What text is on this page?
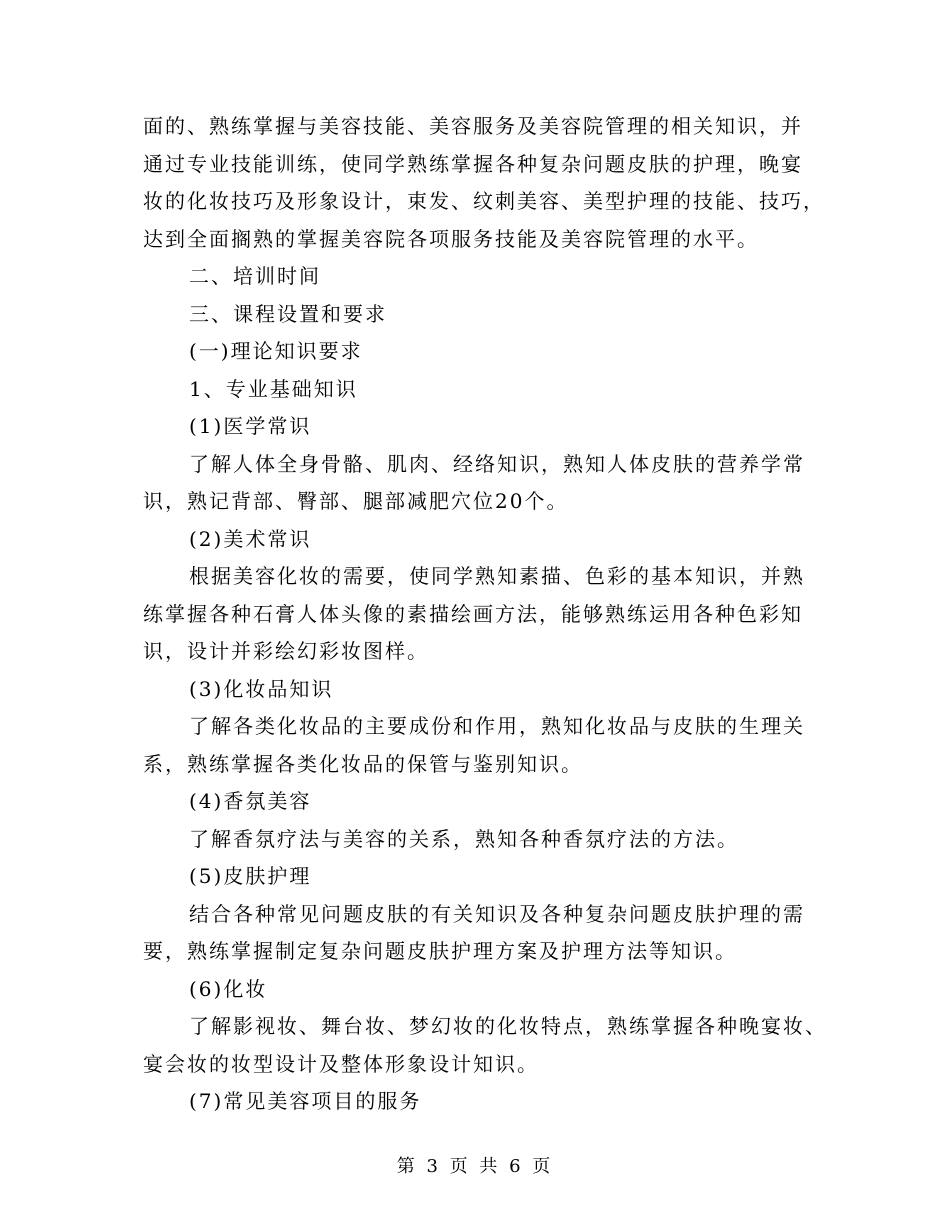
面的、熟练掌握与美容技能、美容服务及美容院管理的相关知识，并
通过专业技能训练，使同学熟练掌握各种复杂问题皮肤的护理，晚宴
妆的化妆技巧及形象设计，束发、纹刺美容、美型护理的技能、技巧，
达到全面搁熟的掌握美容院各项服务技能及美容院管理的水平。
二、培训时间
三、课程设置和要求
(一)理论知识要求
1、专业基础知识
(1)医学常识
了解人体全身骨骼、肌肉、经络知识，熟知人体皮肤的营养学常
识，熟记背部、臀部、腿部减肥穴位20个。
(2)美术常识
根据美容化妆的需要，使同学熟知素描、色彩的基本知识，并熟
练掌握各种石膏人体头像的素描绘画方法，能够熟练运用各种色彩知
识，设计并彩绘幻彩妆图样。
(3)化妆品知识
了解各类化妆品的主要成份和作用，熟知化妆品与皮肤的生理关
系，熟练掌握各类化妆品的保管与鉴别知识。
(4)香氛美容
了解香氛疗法与美容的关系，熟知各种香氛疗法的方法。
(5)皮肤护理
结合各种常见问题皮肤的有关知识及各种复杂问题皮肤护理的需
要，熟练掌握制定复杂问题皮肤护理方案及护理方法等知识。
(6)化妆
了解影视妆、舞台妆、梦幻妆的化妆特点，熟练掌握各种晚宴妆、
宴会妆的妆型设计及整体形象设计知识。
(7)常见美容项目的服务
第 3 页 共 6 页
